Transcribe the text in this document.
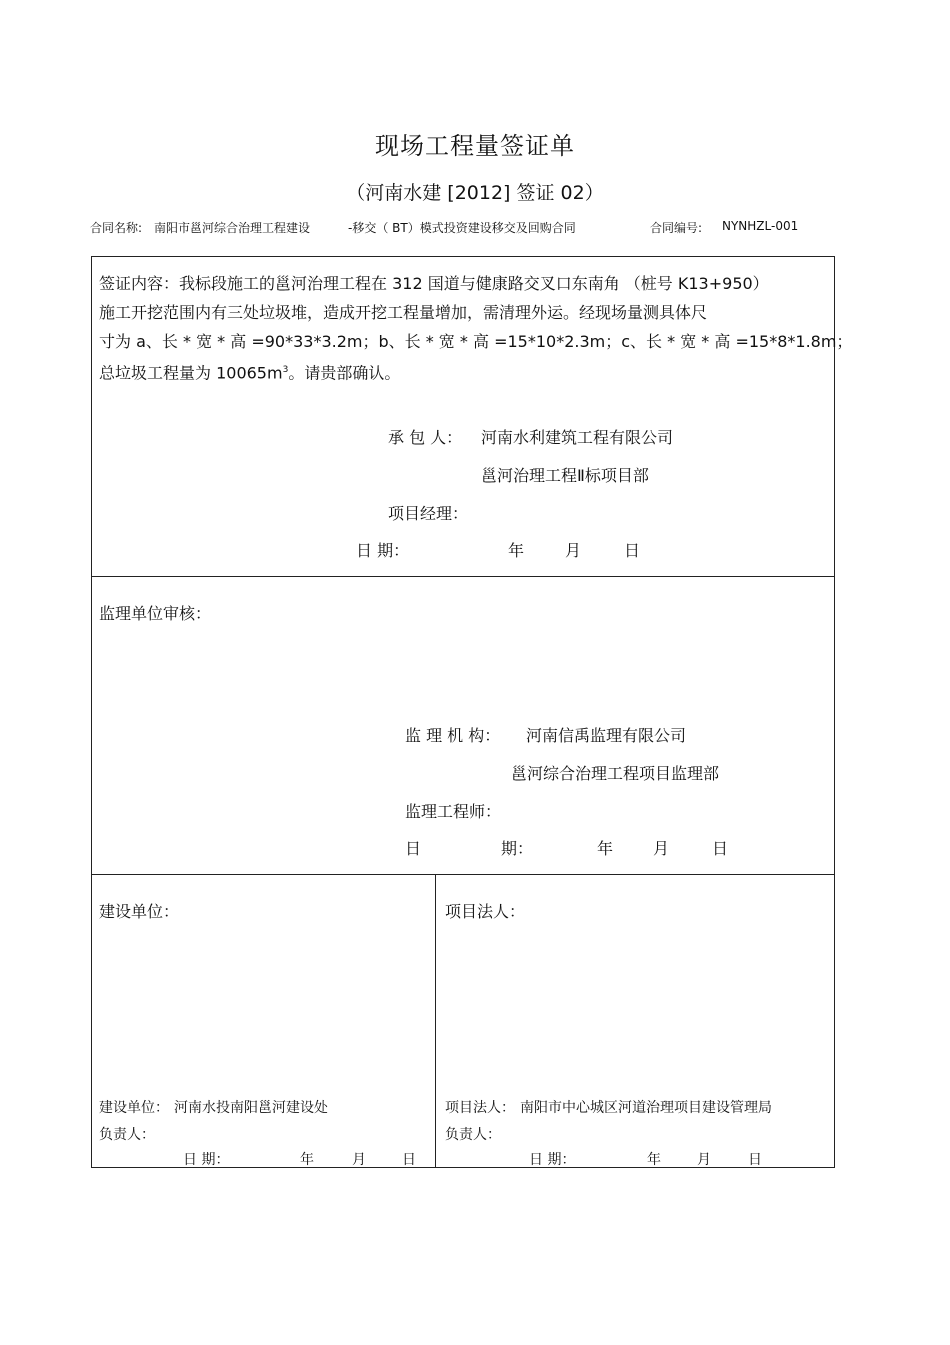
现场工程量签证单
（河南水建 [2012] 签证 02）
合同名称: 南阳市邕河综合治理工程建设	-移交（ BT）模式投资建设移交及回购合同	合同编号: NYNHZL-001
签证内容：我标段施工的邕河治理工程在 312 国道与健康路交叉口东南角 （桩号 K13+950）
施工开挖范围内有三处垃圾堆，造成开挖工程量增加，需清理外运。经现场量测具体尺
寸为 a、长 * 宽 * 高 =90*33*3.2m；b、长 * 宽 * 高 =15*10*2.3m；c、长 * 宽 * 高 =15*8*1.8m；
总垃圾工程量为 $10065m^3$。请贵部确认。
承 包 人： 河南水利建筑工程有限公司
邕河治理工程Ⅱ标项目部
项目经理：
日 期：	年	月	日
监理单位审核：
监 理 机 构： 河南信禹监理有限公司
邕河综合治理工程项目监理部
监理工程师：
日	期：	年 月	日
建设单位：
建设单位： 河南水投南阳邕河建设处
负责人：
日 期：	年	月	日
项目法人：
项目法人： 南阳市中心城区河道治理项目建设管理局
负责人：
日 期：	年	月	日
